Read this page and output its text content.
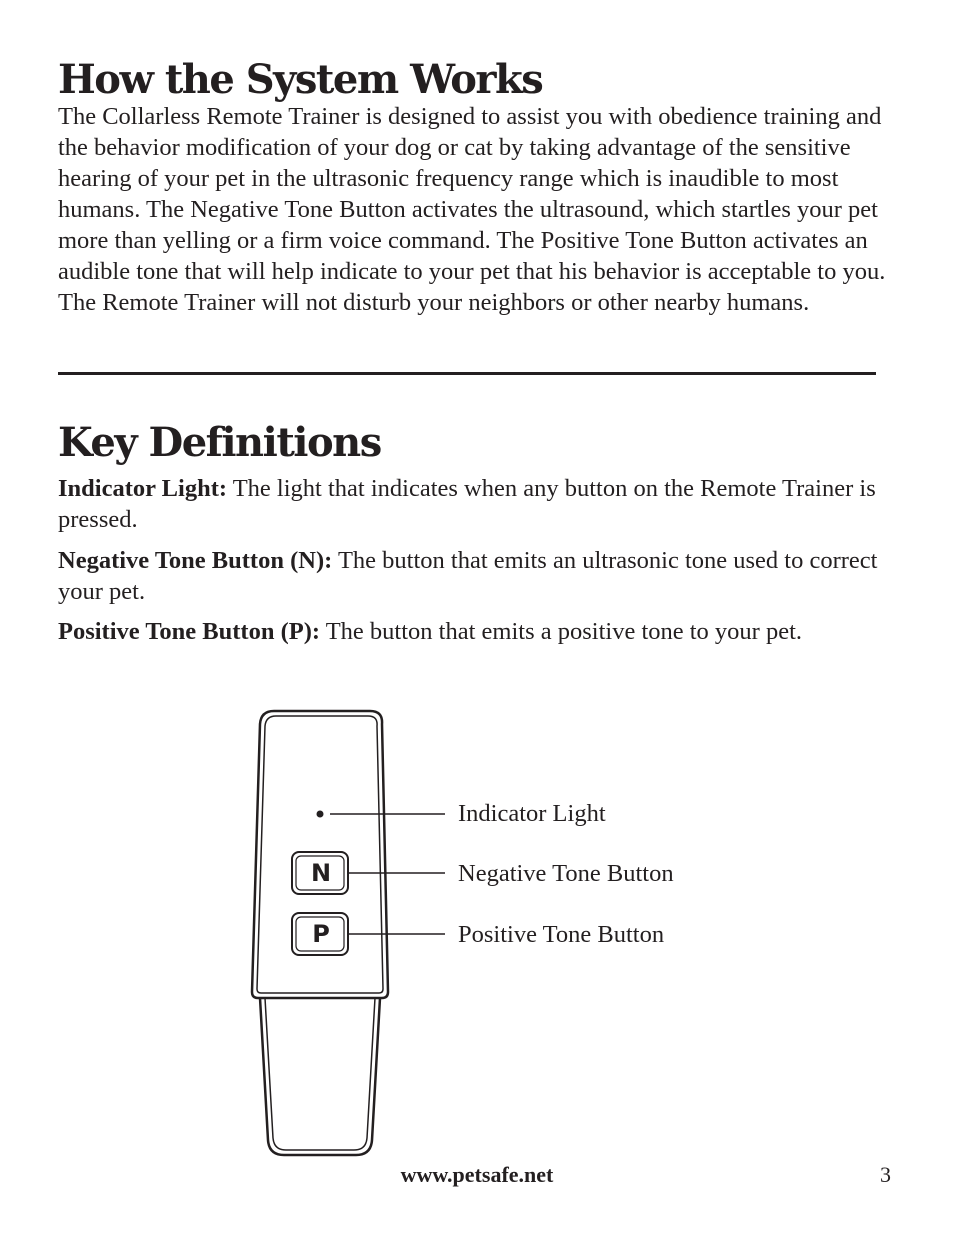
How the System Works

The Collarless Remote Trainer is designed to assist you with obedience training and the behavior modification of your dog or cat by taking advantage of the sensitive hearing of your pet in the ultrasonic frequency range which is inaudible to most humans. The Negative Tone Button activates the ultrasound, which startles your pet more than yelling or a firm voice command. The Positive Tone Button activates an audible tone that will help indicate to your pet that his behavior is acceptable to you. The Remote Trainer will not disturb your neighbors or other nearby humans.

Key Definitions

Indicator Light: The light that indicates when any button on the Remote Trainer is pressed.

Negative Tone Button (N): The button that emits an ultrasonic tone used to correct your pet.

Positive Tone Button (P): The button that emits a positive tone to your pet.

N
P
Indicator Light
Negative Tone Button
Positive Tone Button
www.petsafe.net	3
